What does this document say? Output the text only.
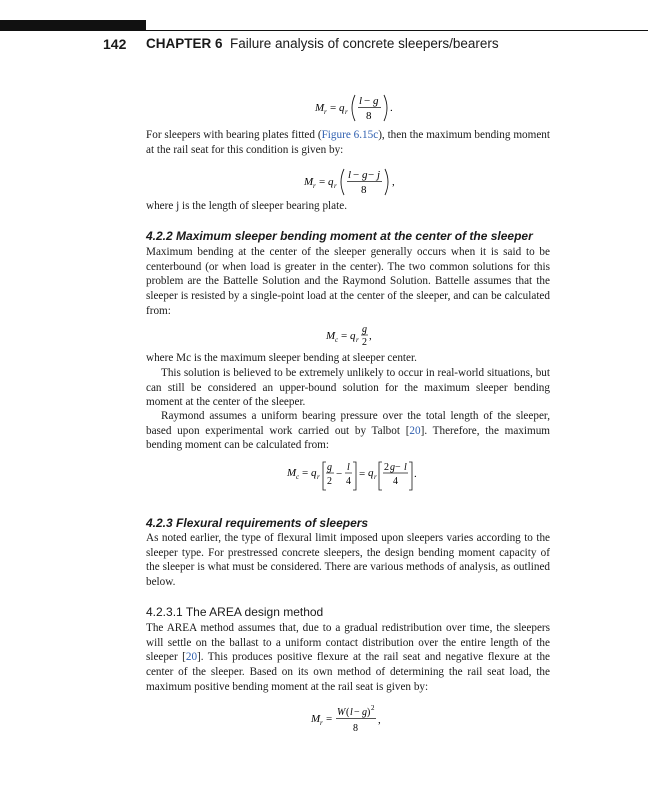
142 CHAPTER 6 Failure analysis of concrete sleepers/bearers
M r = q r
l − g
8
.
For sleepers with bearing plates fitted (Figure 6.15c), then the maximum bending moment at the rail seat for this condition is given by:
M r = q r
l − g − j
8
,
where j is the length of sleeper bearing plate.
4.2.2 Maximum sleeper bending moment at the center of the sleeper
Maximum bending at the center of the sleeper generally occurs when it is said to be centerbound (or when load is greater in the center). The two common solutions for this problem are the Battelle Solution and the Raymond Solution. Battelle assumes that the sleeper is resisted by a single-point load at the center of the sleeper, and can be calculated from:
M c = q r
g
2
,
where Mc is the maximum sleeper bending at sleeper center.
This solution is believed to be extremely unlikely to occur in real-world situations, but can still be considered an upper-bound solution for the maximum sleeper bending moment at the center of the sleeper.
Raymond assumes a uniform bearing pressure over the total length of the sleeper, based upon experimental work carried out by Talbot [20]. Therefore, the maximum bending moment can be calculated from:
M c = q r
g
2
−
l
4
= q r
2 g − l
4
.
4.2.3 Flexural requirements of sleepers
As noted earlier, the type of flexural limit imposed upon sleepers varies according to the sleeper type. For prestressed concrete sleepers, the design bending moment capacity of the sleeper is what must be considered. There are various methods of analysis, as outlined below.
4.2.3.1 The AREA design method
The AREA method assumes that, due to a gradual redistribution over time, the sleepers will settle on the ballast to a uniform contact distribution over the entire length of the sleeper [20]. This produces positive flexure at the rail seat and negative flexure at the center of the sleeper. Based on its own method of determining the rail seat load, the maximum positive bending moment at the rail seat is given by:
M r =
W ( l − g ) 2
8
,
